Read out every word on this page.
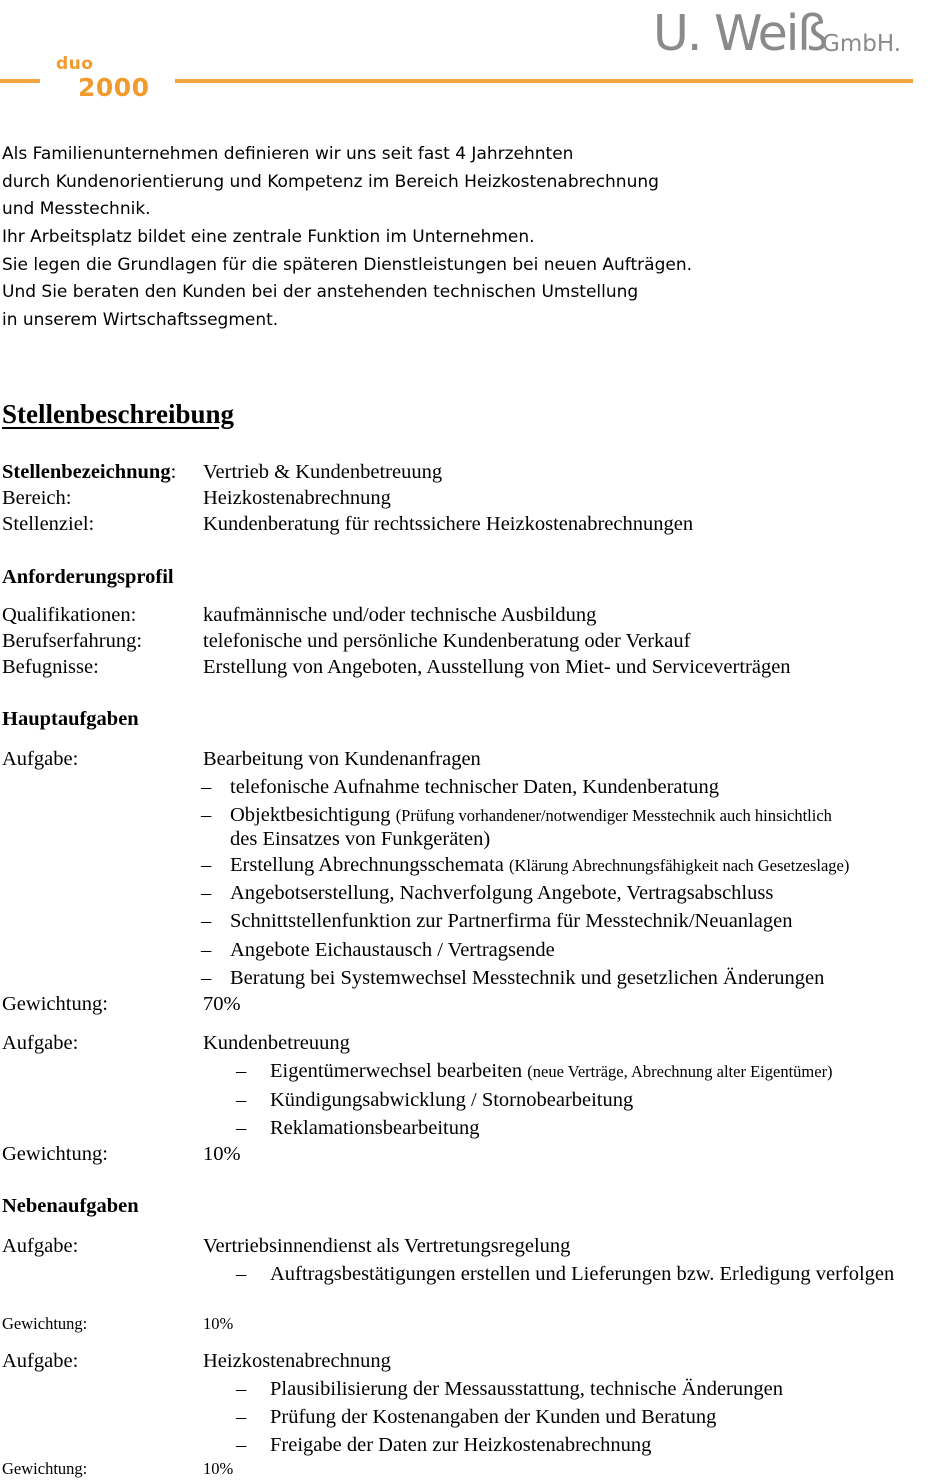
duo
2000
U. Weiß
GmbH.
Als Familienunternehmen definieren wir uns seit fast 4 Jahrzehnten
durch Kundenorientierung und Kompetenz im Bereich Heizkostenabrechnung
und Messtechnik.
Ihr Arbeitsplatz bildet eine zentrale Funktion im Unternehmen.
Sie legen die Grundlagen für die späteren Dienstleistungen bei neuen Aufträgen.
Und Sie beraten den Kunden bei der anstehenden technischen Umstellung
in unserem Wirtschaftssegment.
Stellenbeschreibung
Stellenbezeichnung: Vertrieb & Kundenbetreuung
Bereich:	Heizkostenabrechnung
Stellenziel:	Kundenberatung für rechtssichere Heizkostenabrechnungen
Anforderungsprofil
Qualifikationen:	kaufmännische und/oder technische Ausbildung
Berufserfahrung:	telefonische und persönliche Kundenberatung oder Verkauf
Befugnisse:	Erstellung von Angeboten, Ausstellung von Miet- und Serviceverträgen
Hauptaufgaben
Aufgabe:	Bearbeitung von Kundenanfragen
– telefonische Aufnahme technischer Daten, Kundenberatung
– Objektbesichtigung (Prüfung vorhandener/notwendiger Messtechnik auch hinsichtlich
des Einsatzes von Funkgeräten)
– Erstellung Abrechnungsschemata (Klärung Abrechnungsfähigkeit nach Gesetzeslage)
– Angebotserstellung, Nachverfolgung Angebote, Vertragsabschluss
– Schnittstellenfunktion zur Partnerfirma für Messtechnik/Neuanlagen
– Angebote Eichaustausch / Vertragsende
– Beratung bei Systemwechsel Messtechnik und gesetzlichen Änderungen
Gewichtung:	70%
Aufgabe:	Kundenbetreuung
– Eigentümerwechsel bearbeiten (neue Verträge, Abrechnung alter Eigentümer)
– Kündigungsabwicklung / Stornobearbeitung
– Reklamationsbearbeitung
Gewichtung:	10%
Nebenaufgaben
Aufgabe:	Vertriebsinnendienst als Vertretungsregelung
– Auftragsbestätigungen erstellen und Lieferungen bzw. Erledigung verfolgen
Gewichtung:	10%
Aufgabe:	Heizkostenabrechnung
– Plausibilisierung der Messausstattung, technische Änderungen
– Prüfung der Kostenangaben der Kunden und Beratung
– Freigabe der Daten zur Heizkostenabrechnung
Gewichtung:	10%
